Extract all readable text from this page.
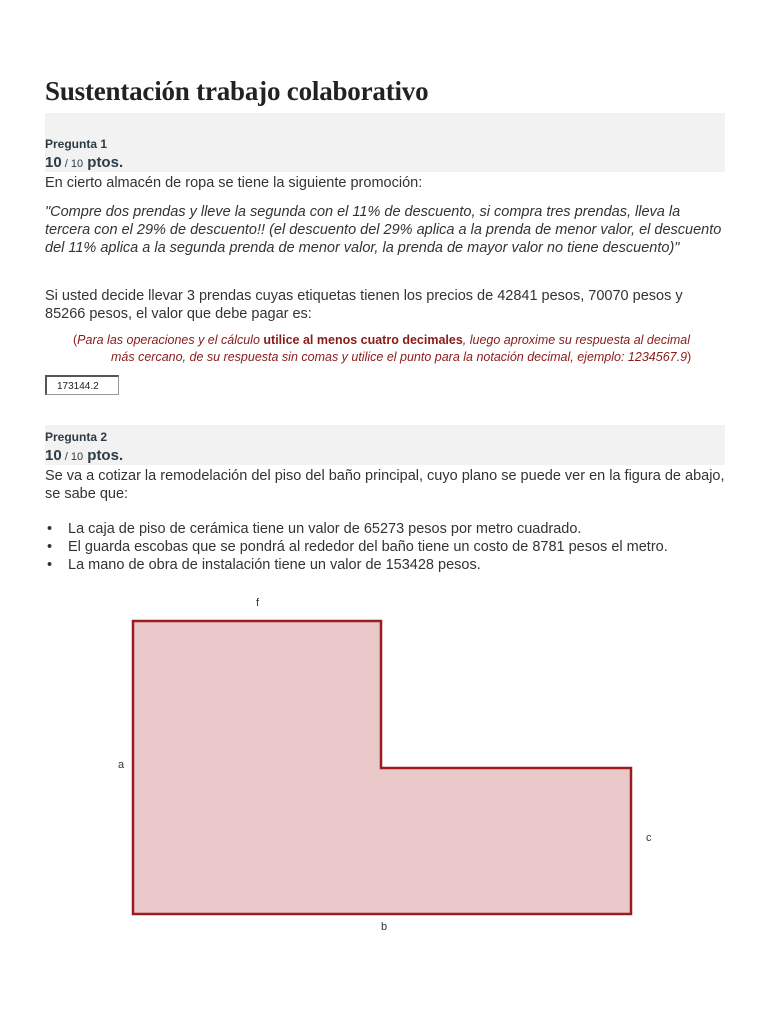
Sustentación trabajo colaborativo
Pregunta 1
10 / 10 ptos.

En cierto almacén de ropa se tiene la siguiente promoción:

"Compre dos prendas y lleve la segunda con el 11% de descuento, si compra tres prendas, lleva la tercera con el 29% de descuento!! (el descuento del 29% aplica a la prenda de menor valor, el descuento del 11% aplica a la segunda prenda de menor valor, la prenda de mayor valor no tiene descuento)"

Si usted decide llevar 3 prendas cuyas etiquetas tienen los precios de 42841 pesos, 70070 pesos y 85266 pesos, el valor que debe pagar es:

(Para las operaciones y el cálculo utilice al menos cuatro decimales, luego aproxime su respuesta al decimal
más cercano, de su respuesta sin comas y utilice el punto para la notación decimal, ejemplo: 1234567.9)

173144.2
Pregunta 2
10 / 10 ptos.

Se va a cotizar la remodelación del piso del baño principal, cuyo plano se puede ver en la figura de abajo, se sabe que:

• La caja de piso de cerámica tiene un valor de 65273 pesos por metro cuadrado.
• El guarda escobas que se pondrá al rededor del baño tiene un costo de 8781 pesos el metro.
• La mano de obra de instalación tiene un valor de 153428 pesos.
f
a
c
b
